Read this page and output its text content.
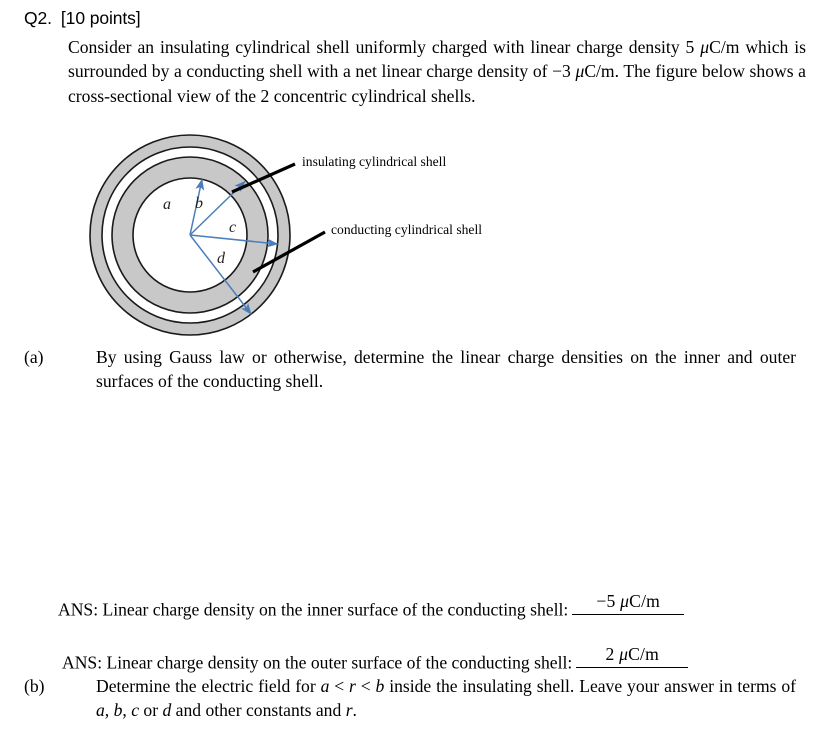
Q2. [10 points]
Consider an insulating cylindrical shell uniformly charged with linear charge density 5 μC/m which is surrounded by a conducting shell with a net linear charge density of −3 μC/m. The figure below shows a cross-sectional view of the 2 concentric cylindrical shells.
a b
c
d
insulating cylindrical shell
conducting cylindrical shell
(a)	By using Gauss law or otherwise, determine the linear charge densities on the inner and outer surfaces of the conducting shell.
ANS: Linear charge density on the inner surface of the conducting shell: −5 μC/m
ANS: Linear charge density on the outer surface of the conducting shell: 2 μC/m
(b)	Determine the electric field for a < r < b inside the insulating shell. Leave your answer in terms of a, b, c or d and other constants and r.
